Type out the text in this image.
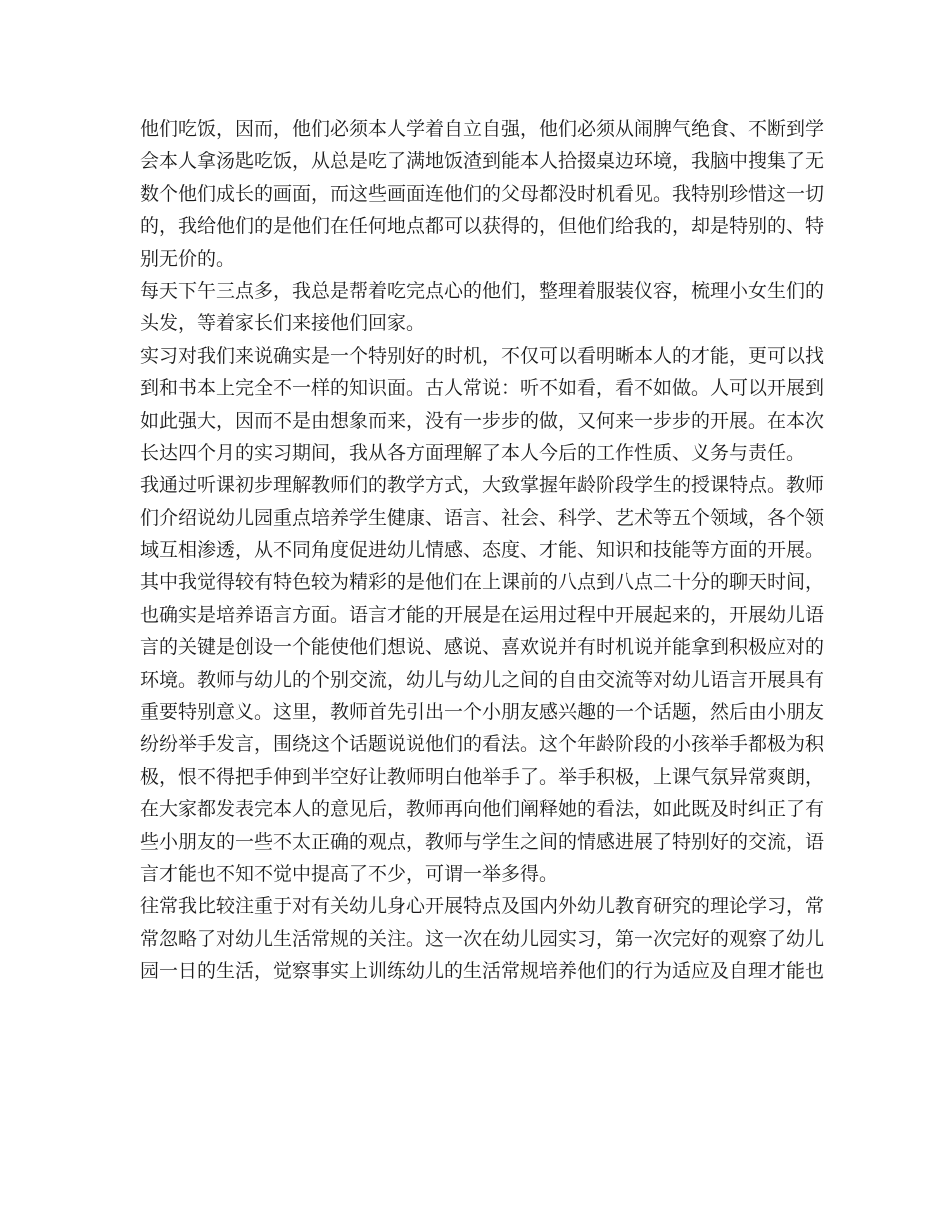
他们吃饭，因而，他们必须本人学着自立自强，他们必须从闹脾气绝食、不断到学
会本人拿汤匙吃饭，从总是吃了满地饭渣到能本人拾掇桌边环境，我脑中搜集了无
数个他们成长的画面，而这些画面连他们的父母都没时机看见。我特别珍惜这一切
的，我给他们的是他们在任何地点都可以获得的，但他们给我的，却是特别的、特
别无价的。
每天下午三点多，我总是帮着吃完点心的他们，整理着服装仪容，梳理小女生们的
头发，等着家长们来接他们回家。
实习对我们来说确实是一个特别好的时机，不仅可以看明晰本人的才能，更可以找
到和书本上完全不一样的知识面。古人常说：听不如看，看不如做。人可以开展到
如此强大，因而不是由想象而来，没有一步步的做，又何来一步步的开展。在本次
长达四个月的实习期间，我从各方面理解了本人今后的工作性质、义务与责任。
我通过听课初步理解教师们的教学方式，大致掌握年龄阶段学生的授课特点。教师
们介绍说幼儿园重点培养学生健康、语言、社会、科学、艺术等五个领域，各个领
域互相渗透，从不同角度促进幼儿情感、态度、才能、知识和技能等方面的开展。
其中我觉得较有特色较为精彩的是他们在上课前的八点到八点二十分的聊天时间，
也确实是培养语言方面。语言才能的开展是在运用过程中开展起来的，开展幼儿语
言的关键是创设一个能使他们想说、感说、喜欢说并有时机说并能拿到积极应对的
环境。教师与幼儿的个别交流，幼儿与幼儿之间的自由交流等对幼儿语言开展具有
重要特别意义。这里，教师首先引出一个小朋友感兴趣的一个话题，然后由小朋友
纷纷举手发言，围绕这个话题说说他们的看法。这个年龄阶段的小孩举手都极为积
极，恨不得把手伸到半空好让教师明白他举手了。举手积极，上课气氛异常爽朗，
在大家都发表完本人的意见后，教师再向他们阐释她的看法，如此既及时纠正了有
些小朋友的一些不太正确的观点，教师与学生之间的情感进展了特别好的交流，语
言才能也不知不觉中提高了不少，可谓一举多得。
往常我比较注重于对有关幼儿身心开展特点及国内外幼儿教育研究的理论学习，常
常忽略了对幼儿生活常规的关注。这一次在幼儿园实习，第一次完好的观察了幼儿
园一日的生活，觉察事实上训练幼儿的生活常规培养他们的行为适应及自理才能也
